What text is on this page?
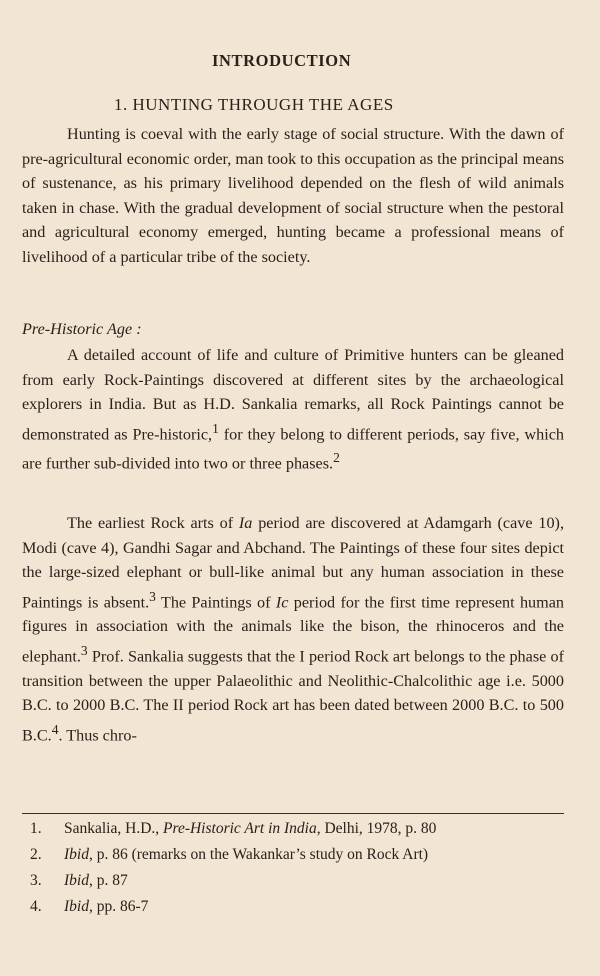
INTRODUCTION
1. HUNTING THROUGH THE AGES

Hunting is coeval with the early stage of social structure. With the dawn of pre-agricultural economic order, man took to this occupation as the principal means of sustenance, as his primary livelihood depended on the flesh of wild animals taken in chase. With the gradual development of social structure when the pestoral and agricultural economy emerged, hunting became a professional means of livelihood of a particular tribe of the society.

Pre-Historic Age :

A detailed account of life and culture of Primitive hunters can be gleaned from early Rock-Paintings discovered at different sites by the archaeological explorers in India. But as H.D. Sankalia remarks, all Rock Paintings cannot be demonstrated as Pre-historic,$^1$ for they belong to different periods, say five, which are further sub-divided into two or three phases.$^2$

The earliest Rock arts of Ia period are discovered at Adamgarh (cave 10), Modi (cave 4), Gandhi Sagar and Abchand. The Paintings of these four sites depict the large-sized elephant or bull-like animal but any human association in these Paintings is absent.$^3$ The Paintings of Ic period for the first time represent human figures in association with the animals like the bison, the rhinoceros and the elephant.$^3$ Prof. Sankalia suggests that the I period Rock art belongs to the phase of transition between the upper Palaeolithic and Neolithic-Chalcolithic age i.e. 5000 B.C. to 2000 B.C. The II period Rock art has been dated between 2000 B.C. to 500 B.C.$^4$. Thus chro-

1.	Sankalia, H.D., Pre-Historic Art in India, Delhi, 1978, p. 80
2.	Ibid, p. 86 (remarks on the Wakankar’s study on Rock Art)
3.	Ibid, p. 87
4.	Ibid, pp. 86-7
